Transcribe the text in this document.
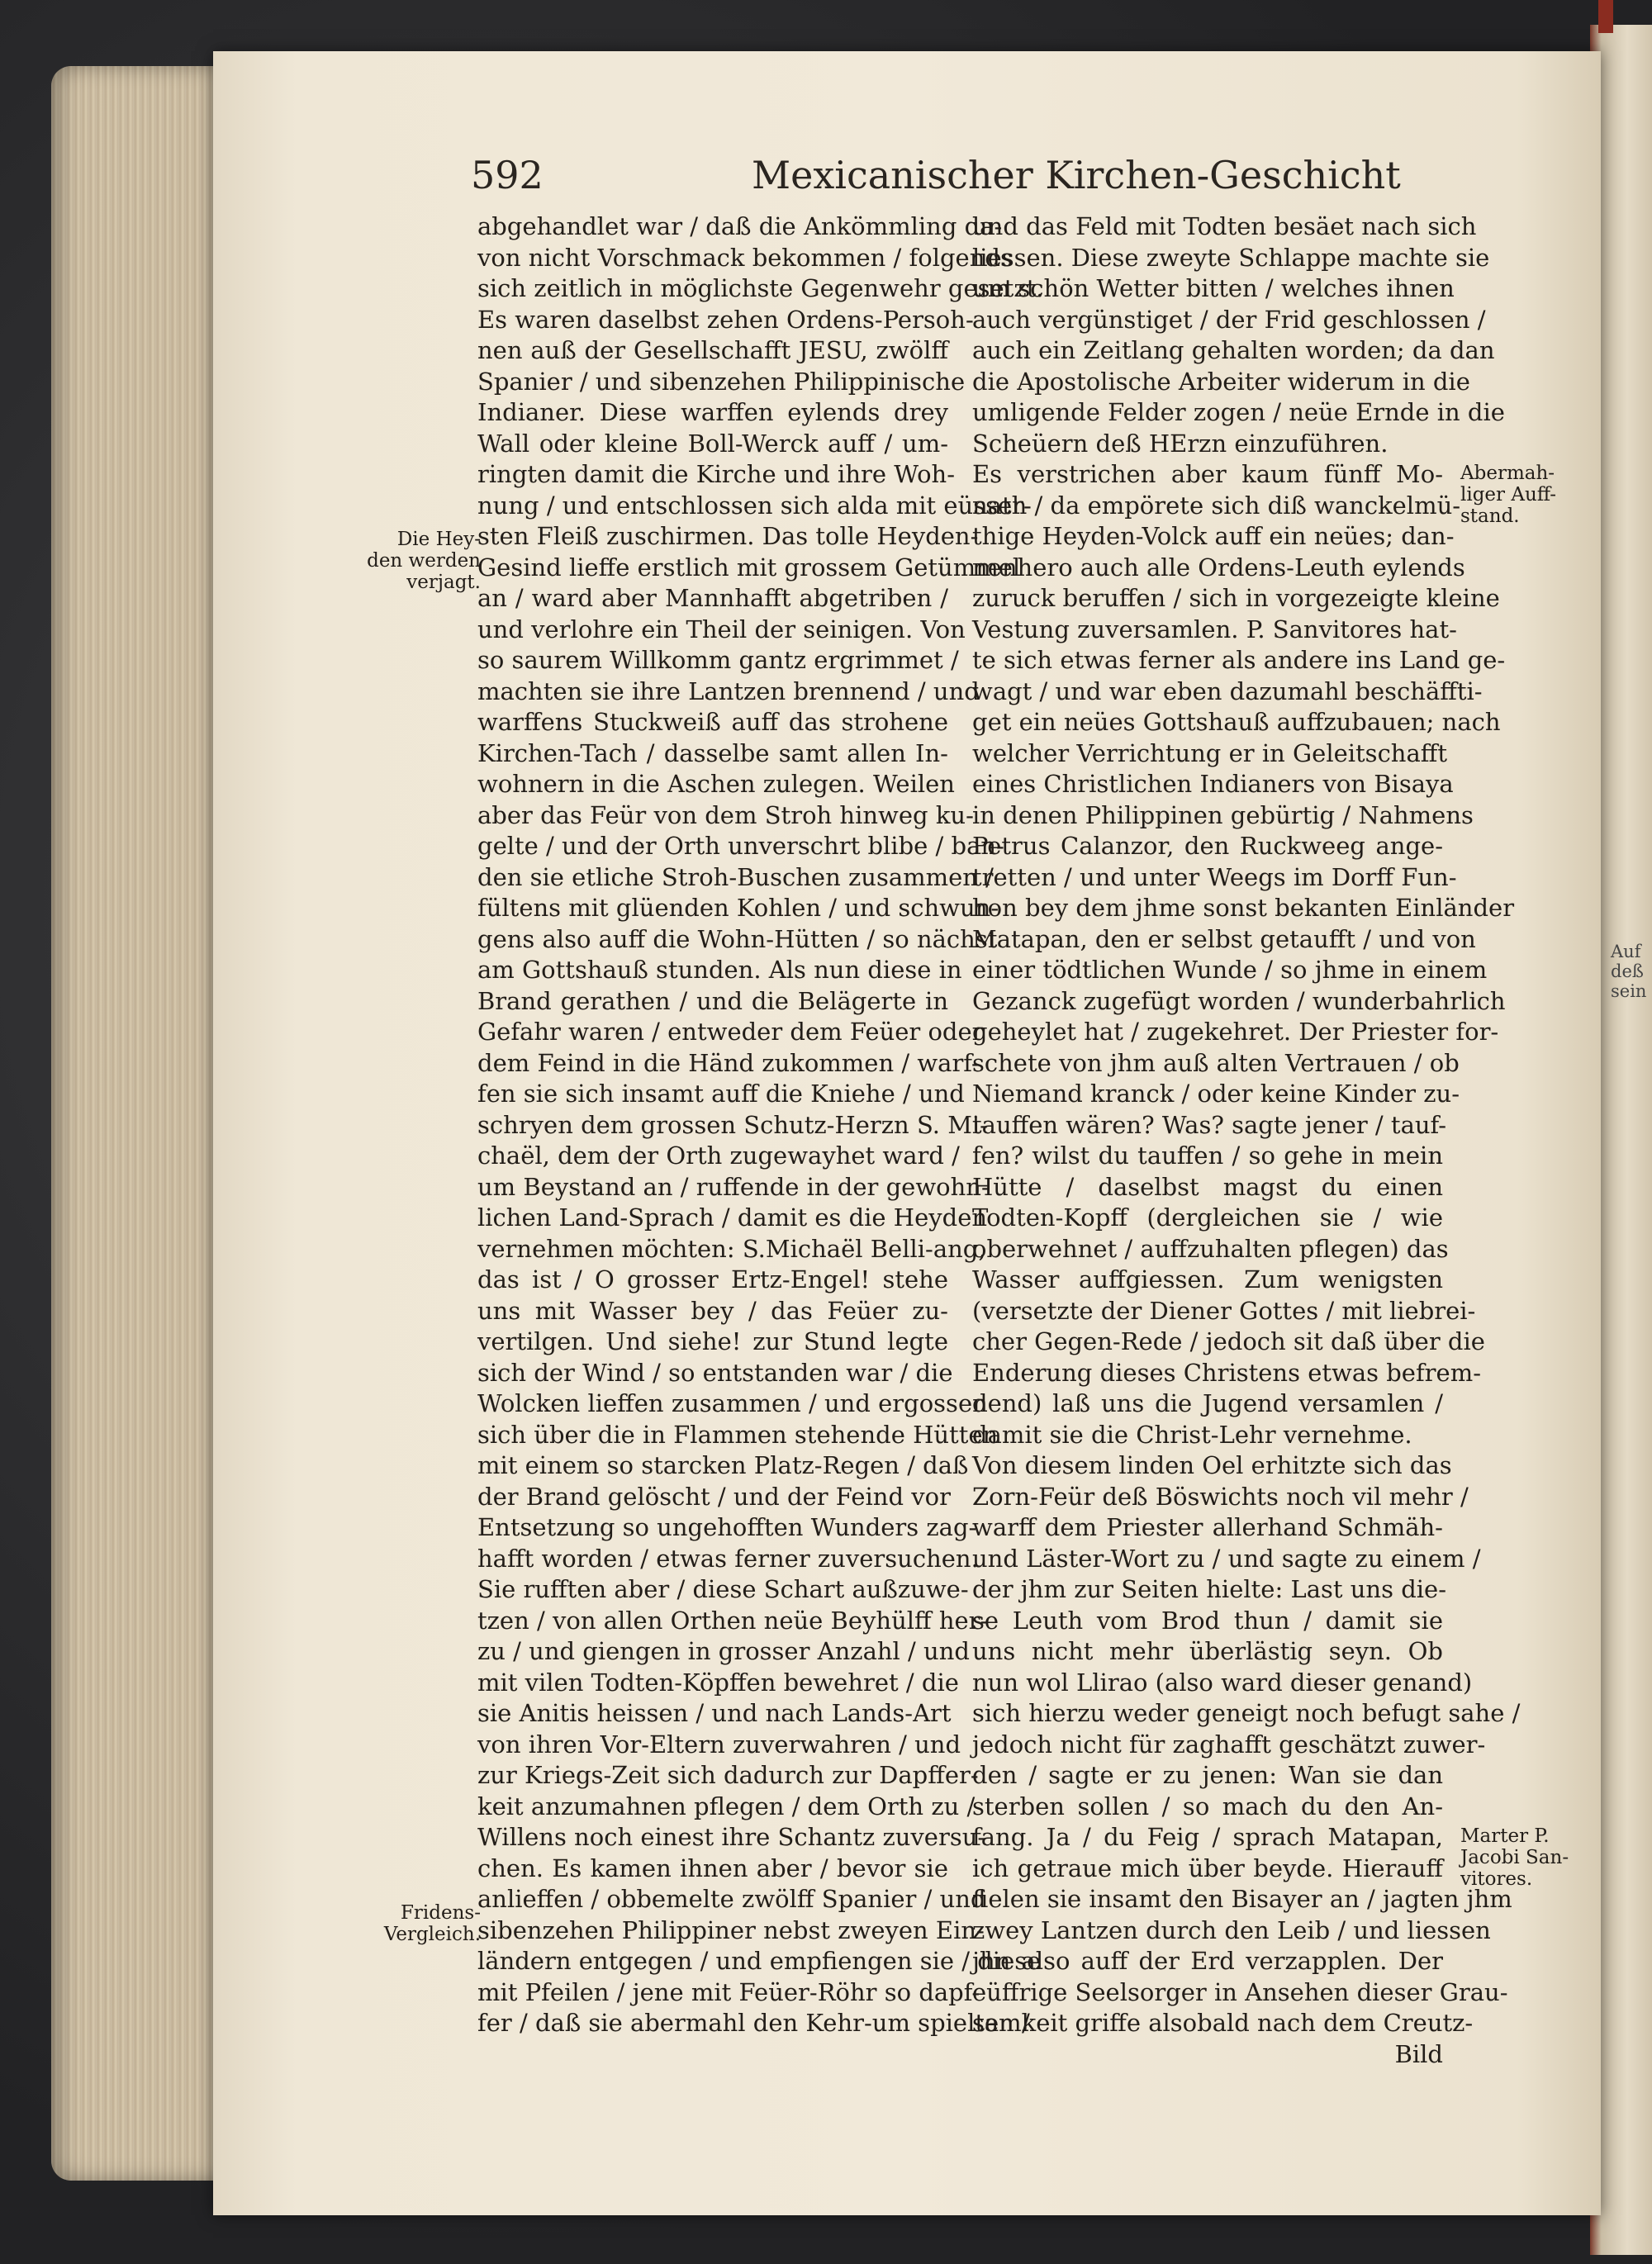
592	Mexicanischer Kirchen-Geschicht
abgehandlet war / daß die Ankömmling da-
von nicht Vorschmack bekommen / folgends
sich zeitlich in möglichste Gegenwehr gesetzt.
Es waren daselbst zehen Ordens-Persoh-
nen auß der Gesellschafft JESU, zwölff
Spanier / und sibenzehen Philippinische
Indianer. Diese warffen eylends drey
Wall oder kleine Boll-Werck auff / um-
ringten damit die Kirche und ihre Woh-
nung / und entschlossen sich alda mit eüsser-
sten Fleiß zuschirmen. Das tolle Heyden-
Gesind lieffe erstlich mit grossem Getümmel
an / ward aber Mannhafft abgetriben /
und verlohre ein Theil der seinigen. Von
so saurem Willkomm gantz ergrimmet /
machten sie ihre Lantzen brennend / und
warffens Stuckweiß auff das strohene
Kirchen-Tach / dasselbe samt allen In-
wohnern in die Aschen zulegen. Weilen
aber das Feür von dem Stroh hinweg ku-
gelte / und der Orth unverschrt blibe / ban-
den sie etliche Stroh-Buschen zusammen /
fültens mit glüenden Kohlen / und schwun-
gens also auff die Wohn-Hütten / so nächst
am Gottshauß stunden. Als nun diese in
Brand gerathen / und die Belägerte in
Gefahr waren / entweder dem Feüer oder
dem Feind in die Händ zukommen / warf-
fen sie sich insamt auff die Kniehe / und
schryen dem grossen Schutz-Herzn S. Mi-
chaël, dem der Orth zugewayhet ward /
um Beystand an / ruffende in der gewohn-
lichen Land-Sprach / damit es die Heyden
vernehmen möchten: S.Michaël Belli-ang,
das ist / O grosser Ertz-Engel! stehe
uns mit Wasser bey / das Feüer zu-
vertilgen. Und siehe! zur Stund legte
sich der Wind / so entstanden war / die
Wolcken lieffen zusammen / und ergossen
sich über die in Flammen stehende Hütten
mit einem so starcken Platz-Regen / daß
der Brand gelöscht / und der Feind vor
Entsetzung so ungehofften Wunders zag-
hafft worden / etwas ferner zuversuchen.
Sie rufften aber / diese Schart außzuwe-
tzen / von allen Orthen neüe Beyhülff her-
zu / und giengen in grosser Anzahl / und
mit vilen Todten-Köpffen bewehret / die
sie Anitis heissen / und nach Lands-Art
von ihren Vor-Eltern zuverwahren / und
zur Kriegs-Zeit sich dadurch zur Dapffer-
keit anzumahnen pflegen / dem Orth zu /
Willens noch einest ihre Schantz zuversu-
chen. Es kamen ihnen aber / bevor sie
anlieffen / obbemelte zwölff Spanier / und
sibenzehen Philippiner nebst zweyen Ein-
ländern entgegen / und empfiengen sie / diese
mit Pfeilen / jene mit Feüer-Röhr so dapf-
fer / daß sie abermahl den Kehr-um spielten /
und das Feld mit Todten besäet nach sich
liessen. Diese zweyte Schlappe machte sie
um schön Wetter bitten / welches ihnen
auch vergünstiget / der Frid geschlossen /
auch ein Zeitlang gehalten worden; da dan
die Apostolische Arbeiter widerum in die
umligende Felder zogen / neüe Ernde in die
Scheüern deß HErzn einzuführen.
Es verstrichen aber kaum fünff Mo-
nath / da empörete sich diß wanckelmü-
thige Heyden-Volck auff ein neües; dan-
nenhero auch alle Ordens-Leuth eylends
zuruck beruffen / sich in vorgezeigte kleine
Vestung zuversamlen. P. Sanvitores hat-
te sich etwas ferner als andere ins Land ge-
wagt / und war eben dazumahl beschäffti-
get ein neües Gottshauß auffzubauen; nach
welcher Verrichtung er in Geleitschafft
eines Christlichen Indianers von Bisaya
in denen Philippinen gebürtig / Nahmens
Petrus Calanzor, den Ruckweeg ange-
tretten / und unter Weegs im Dorff Fun-
hon bey dem jhme sonst bekanten Einländer
Matapan, den er selbst getaufft / und von
einer tödtlichen Wunde / so jhme in einem
Gezanck zugefügt worden / wunderbahrlich
geheylet hat / zugekehret. Der Priester for-
schete von jhm auß alten Vertrauen / ob
Niemand kranck / oder keine Kinder zu-
tauffen wären? Was? sagte jener / tauf-
fen? wilst du tauffen / so gehe in mein
Hütte / daselbst magst du einen
Todten-Kopff (dergleichen sie / wie
oberwehnet / auffzuhalten pflegen) das
Wasser auffgiessen. Zum wenigsten
(versetzte der Diener Gottes / mit liebrei-
cher Gegen-Rede / jedoch sit daß über die
Enderung dieses Christens etwas befrem-
dend) laß uns die Jugend versamlen /
damit sie die Christ-Lehr vernehme.
Von diesem linden Oel erhitzte sich das
Zorn-Feür deß Böswichts noch vil mehr /
warff dem Priester allerhand Schmäh-
und Läster-Wort zu / und sagte zu einem /
der jhm zur Seiten hielte: Last uns die-
se Leuth vom Brod thun / damit sie
uns nicht mehr überlästig seyn. Ob
nun wol Llirao (also ward dieser genand)
sich hierzu weder geneigt noch befugt sahe /
jedoch nicht für zaghafft geschätzt zuwer-
den / sagte er zu jenen: Wan sie dan
sterben sollen / so mach du den An-
fang. Ja / du Feig / sprach Matapan,
ich getraue mich über beyde. Hierauff
fielen sie insamt den Bisayer an / jagten jhm
zwey Lantzen durch den Leib / und liessen
jhn also auff der Erd verzapplen. Der
eüffrige Seelsorger in Ansehen dieser Grau-
samkeit griffe alsobald nach dem Creutz-
Bild
Die Hey-
den werden
verjagt.
Fridens-
Vergleich.
Abermah-
liger Auff-
stand.
Marter P.
Jacobi San-
vitores.
Auf
deß
sein
